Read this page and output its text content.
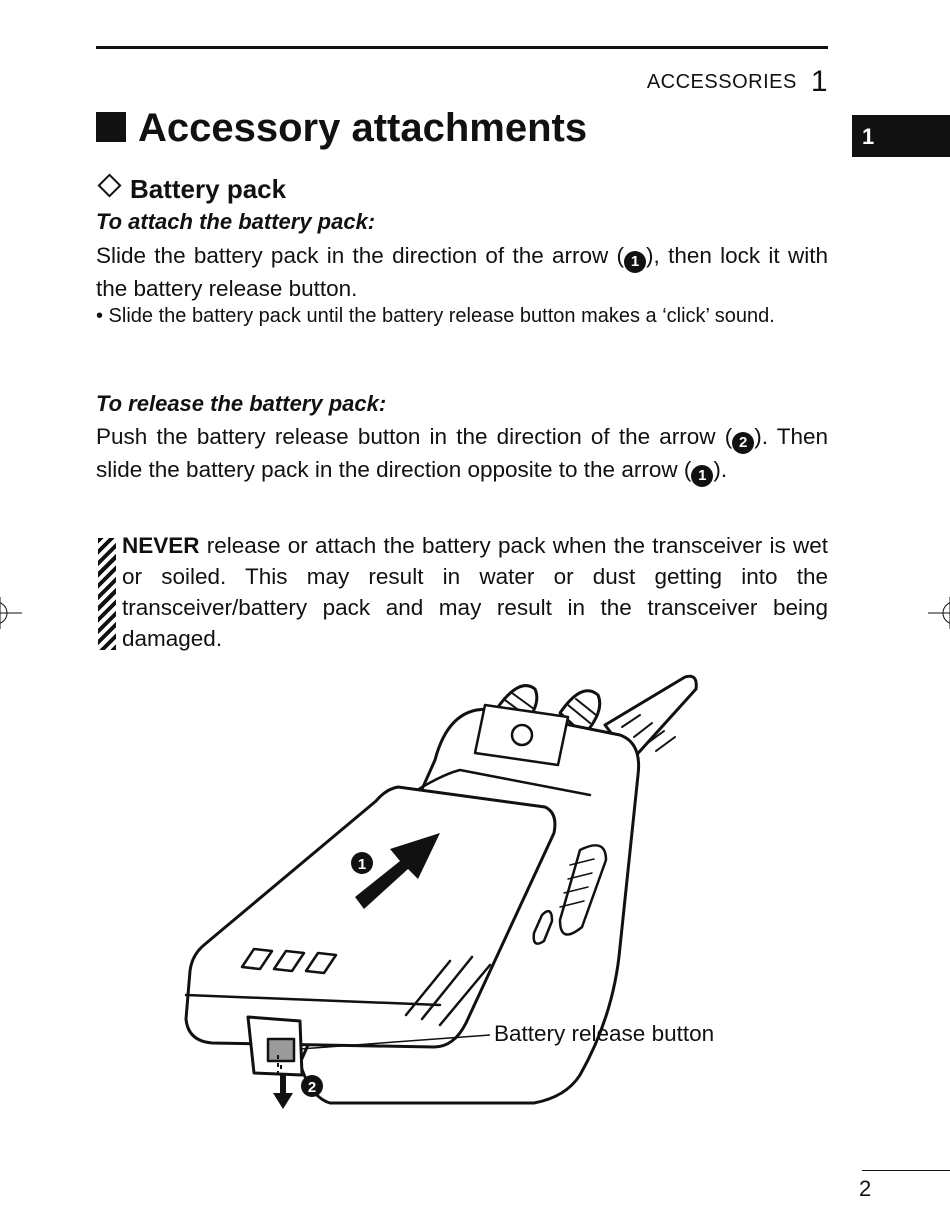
ACCESSORIES 1
1
Accessory attachments
Battery pack
To attach the battery pack:
Slide the battery pack in the direction of the arrow ( 1 ), then lock it with the battery release button.
• Slide the battery pack until the battery release button makes a ‘click’ sound.
To release the battery pack:
Push the battery release button in the direction of the arrow ( 2 ). Then slide the battery pack in the direction opposite to the arrow ( 1 ).
NEVER release or attach the battery pack when the transceiver is wet or soiled. This may result in water or dust getting into the transceiver/battery pack and may result in the transceiver being damaged.
1
2
Battery release button
2
